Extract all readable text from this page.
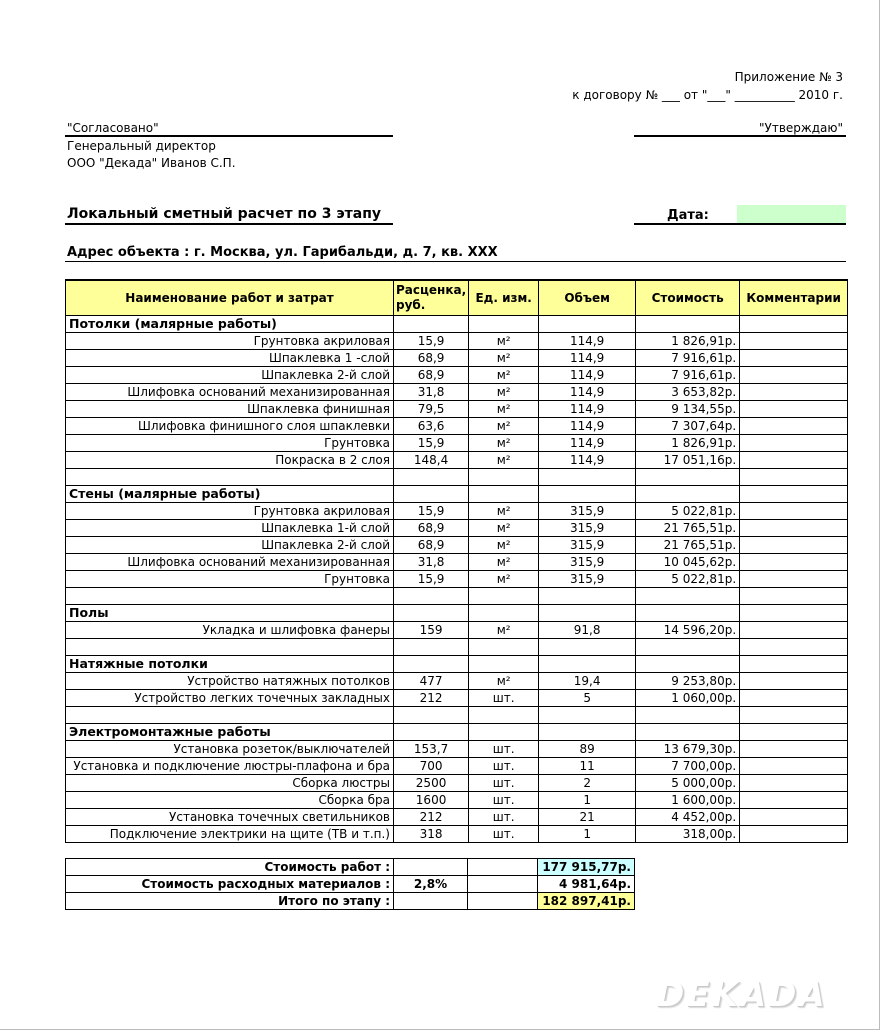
Приложение № 3
к договору № ___ от "___" __________ 2010 г.
"Согласовано"
Генеральный директор
ООО "Декада" Иванов С.П.
"Утверждаю"
Локальный сметный расчет по 3 этапу	Дата:
Адрес объекта : г. Москва, ул. Гарибальди, д. 7, кв. XXX
Наименование работ и затрат	Расценка, руб.	Ед. изм.	Объем	Стоимость	Комментарии
Потолки (малярные работы)					
Грунтовка акриловая	15,9	м²	114,9	1 826,91р.	
Шпаклевка 1 -слой	68,9	м²	114,9	7 916,61р.	
Шпаклевка 2-й слой	68,9	м²	114,9	7 916,61р.	
Шлифовка оснований механизированная	31,8	м²	114,9	3 653,82р.	
Шпаклевка финишная	79,5	м²	114,9	9 134,55р.	
Шлифовка финишного слоя шпаклевки	63,6	м²	114,9	7 307,64р.	
Грунтовка	15,9	м²	114,9	1 826,91р.	
Покраска в 2 слоя	148,4	м²	114,9	17 051,16р.	

Стены (малярные работы)					
Грунтовка акриловая	15,9	м²	315,9	5 022,81р.	
Шпаклевка 1-й слой	68,9	м²	315,9	21 765,51р.	
Шпаклевка 2-й слой	68,9	м²	315,9	21 765,51р.	
Шлифовка оснований механизированная	31,8	м²	315,9	10 045,62р.	
Грунтовка	15,9	м²	315,9	5 022,81р.	

Полы					
Укладка и шлифовка фанеры	159	м²	91,8	14 596,20р.	

Натяжные потолки					
Устройство натяжных потолков	477	м²	19,4	9 253,80р.	
Устройство легких точечных закладных	212	шт.	5	1 060,00р.	

Электромонтажные работы					
Установка розеток/выключателей	153,7	шт.	89	13 679,30р.	
Установка и подключение люстры-плафона и бра	700	шт.	11	7 700,00р.	
Сборка люстры	2500	шт.	2	5 000,00р.	
Сборка бра	1600	шт.	1	1 600,00р.	
Установка точечных светильников	212	шт.	21	4 452,00р.	
Подключение электрики на щите (ТВ и т.п.)	318	шт.	1	318,00р.	
Стоимость работ :			177 915,77р.
Стоимость расходных материалов :	2,8%		4 981,64р.
Итого по этапу :			182 897,41р.
DEKADA
